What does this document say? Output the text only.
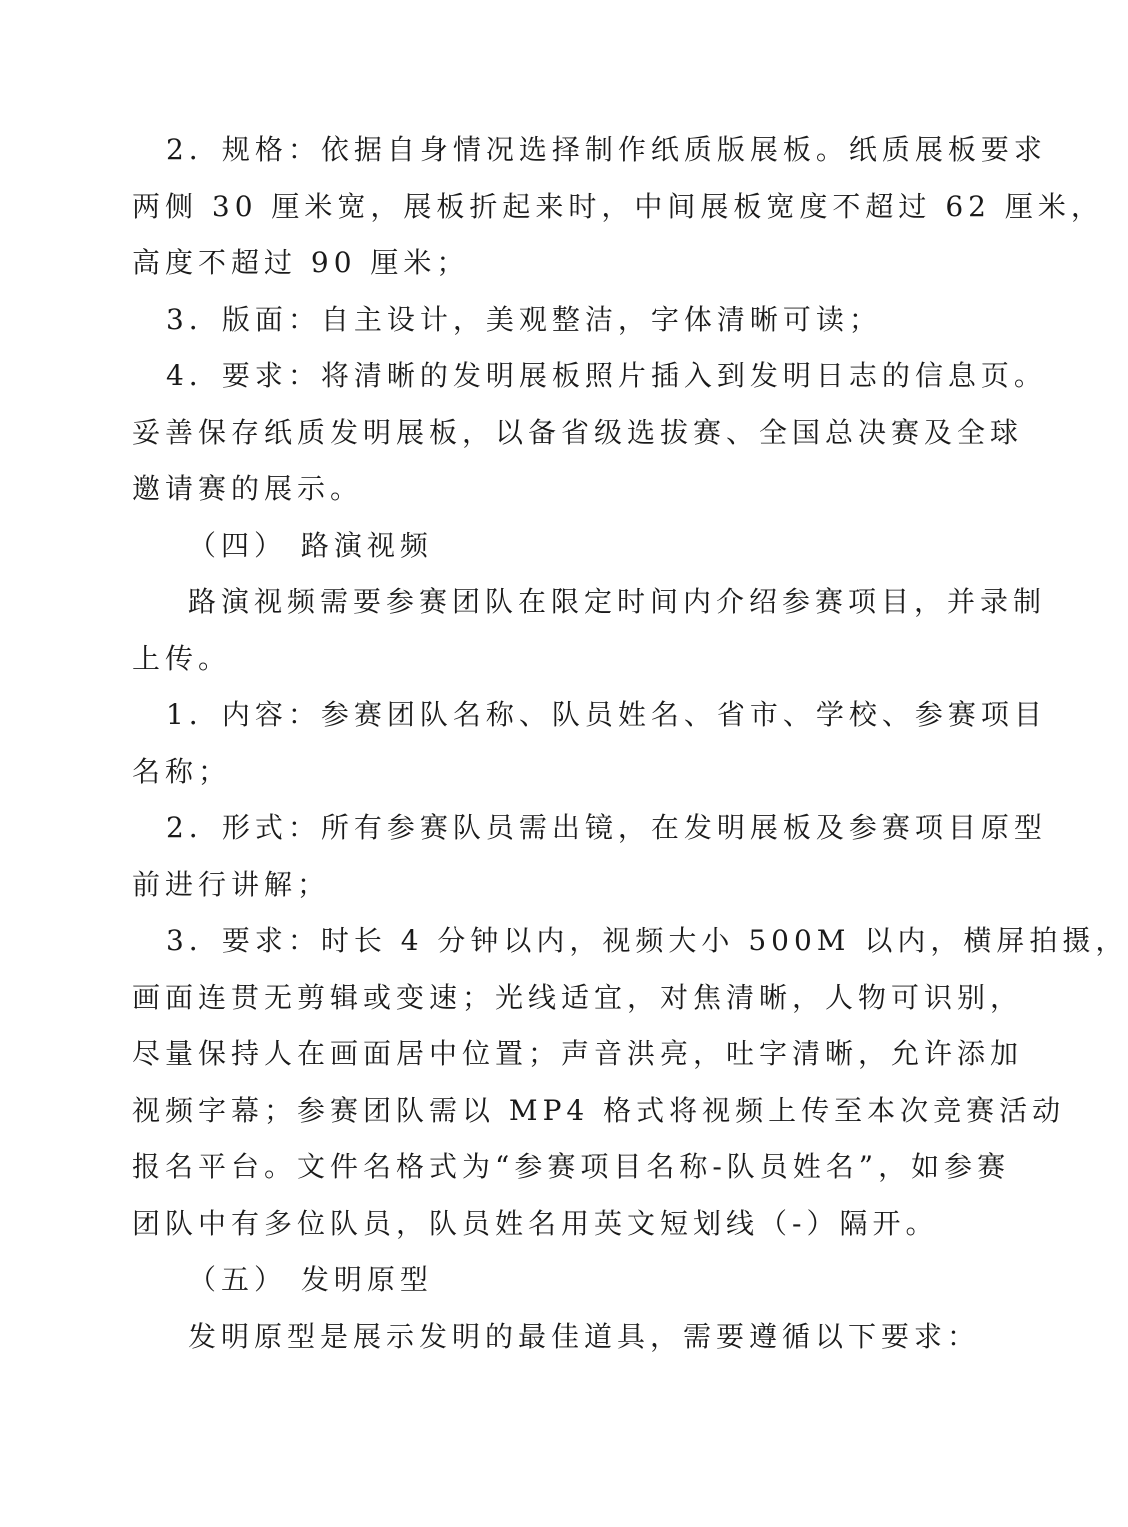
2．规格：依据自身情况选择制作纸质版展板。纸质展板要求
两侧 30 厘米宽，展板折起来时，中间展板宽度不超过 62 厘米，
高度不超过 90 厘米；
3．版面：自主设计，美观整洁，字体清晰可读；
4．要求：将清晰的发明展板照片插入到发明日志的信息页。
妥善保存纸质发明展板，以备省级选拔赛、全国总决赛及全球
邀请赛的展示。
（四） 路演视频
路演视频需要参赛团队在限定时间内介绍参赛项目，并录制
上传。
1．内容：参赛团队名称、队员姓名、省市、学校、参赛项目
名称；
2．形式：所有参赛队员需出镜，在发明展板及参赛项目原型
前进行讲解；
3．要求：时长 4 分钟以内，视频大小 500M 以内，横屏拍摄，
画面连贯无剪辑或变速；光线适宜，对焦清晰，人物可识别，
尽量保持人在画面居中位置；声音洪亮，吐字清晰，允许添加
视频字幕；参赛团队需以 MP4 格式将视频上传至本次竞赛活动
报名平台。文件名格式为“参赛项目名称-队员姓名”，如参赛
团队中有多位队员，队员姓名用英文短划线（-）隔开。
（五） 发明原型
发明原型是展示发明的最佳道具，需要遵循以下要求：
